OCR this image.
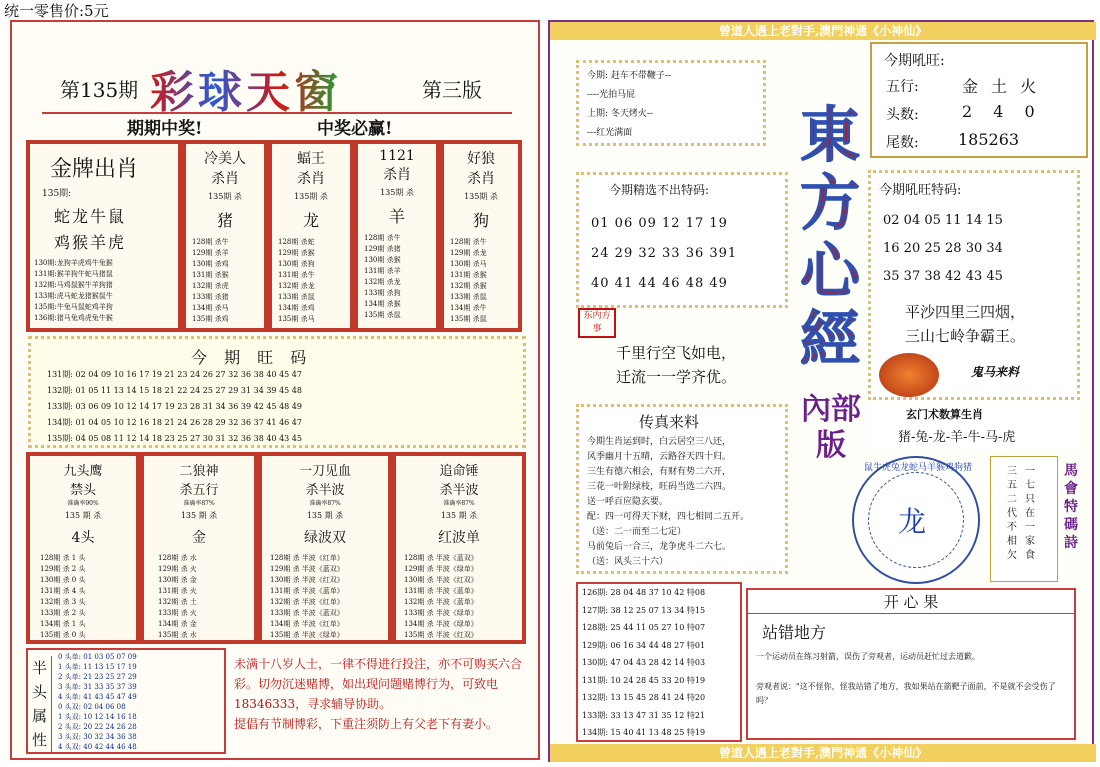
统一零售价:5元
第135期 彩球天窗	第三版
期期中奖!	中奖必赢!
金牌出肖
135期:
蛇龙牛鼠
鸡猴羊虎
130期:龙狗羊虎鸡牛兔猴
131期:猴羊狗牛蛇马猪鼠
132期:马鸡鼠猴牛羊狗猪
133期:虎马蛇龙猪猴鼠牛
135期:牛兔马鼠蛇鸡羊狗
136期:猪马兔鸡虎兔牛猴
冷美人
杀肖
135期 杀
猪
128期 杀牛
129期 杀羊
130期 杀鸡
131期 杀猴
132期 杀虎
133期 杀猪
134期 杀马
135期 杀鸡
蝠王
杀肖
135期 杀
龙
128期 杀蛇
129期 杀猴
130期 杀狗
131期 杀牛
132期 杀龙
133期 杀鼠
134期 杀鸡
135期 杀马
1121
杀肖
135期 杀
羊
128期 杀牛
129期 杀猪
130期 杀猴
131期 杀羊
132期 杀龙
133期 杀狗
134期 杀猴
135期 杀鼠
好狼
杀肖
135期 杀
狗
128期 杀牛
129期 杀龙
130期 杀马
131期 杀猴
132期 杀猴
133期 杀鼠
134期 杀牛
135期 杀鼠
今 期 旺 码
131期: 02 04 09 10 16 17 19 21 23 24 26 27 32 36 38 40 45 47
132期: 01 05 11 13 14 15 18 21 22 24 25 27 29 31 34 39 45 48
133期: 03 06 09 10 12 14 17 19 23 28 31 34 36 39 42 45 48 49
134期: 01 04 05 10 12 16 18 21 24 26 28 29 32 36 37 41 46 47
135期: 04 05 08 11 12 14 18 23 25 27 30 31 32 36 38 40 43 45
九头鹰
禁头
准确率90%
135 期 杀
4头
128期 杀 1 头
129期 杀 2 头
130期 杀 0 头
131期 杀 4 头
132期 杀 3 头
133期 杀 2 头
134期 杀 1 头
135期 杀 0 头
二狼神
杀五行
准确率87%
135 期 杀
金
128期 杀 水
129期 杀 火
130期 杀 金
131期 杀 火
132期 杀 土
133期 杀 火
134期 杀 金
135期 杀 水
一刀见血
杀半波
准确率87%
135 期 杀
绿波双
128期 杀 半波《红单》
129期 杀 半波《蓝双》
130期 杀 半波《红双》
131期 杀 半波《蓝单》
132期 杀 半波《红单》
133期 杀 半波《蓝双》
134期 杀 半波《红单》
135期 杀 半波《绿单》
追命锤
杀半波
准确率87%
135 期 杀
红波单
128期 杀 半波《蓝双》
129期 杀 半波《绿单》
130期 杀 半波《红双》
131期 杀 半波《蓝单》
132期 杀 半波《蓝单》
133期 杀 半波《绿单》
134期 杀 半波《绿单》
135期 杀 半波《红双》
半
头
属
性
0 头单: 01 03 05 07 09
1 头单: 11 13 15 17 19
2 头单: 21 23 25 27 29
3 头单: 31 33 35 37 39
4 头单: 41 43 45 47 49
0 头双: 02 04 06 08
1 头双: 10 12 14 16 18
2 头双: 20 22 24 26 28
3 头双: 30 32 34 36 38
4 头双: 40 42 44 46 48
未满十八岁人士，一律不得进行投注，亦不可购买六合彩。切勿沉迷赌博，如出现问题赌博行为，可致电18346333，寻求辅导协助。
提倡有节制博彩，下重注须防上有父老下有妻小。
曾道人遇上老對手,澳門神通《小神仙》
曾道人遇上老對手,澳門神通《小神仙》
今期: 赶车不带鞭子--
----光拍马屁
上期: 冬天烤火--
---红光满面
今期吼旺:
五行:	金 土 火
头数:	2 4 0
尾数: 185263
東方心經
內部版
今期精选不出特码:
01 06 09 12 17 19
24 29 32 33 36 391
40 41 44 46 48 49
今期吼旺特码:
02 04 05 11 14 15
16 20 25 28 30 34
35 37 38 42 43 45
平沙四里三四烟，
三山七岭争霸王。
鬼马来料
东内方事
千里行空飞如电，
迁流一一学齐优。
玄门术数算生肖
猪-兔-龙-羊-牛-马-虎
传真来料
今期生肖运到时，白云居空三八还，
风季幽月十五晴，云路谷天四十归。
三生有德六相会，有财有势二六开，
三花一叶附绿枝，旺码当选二六四。
送一呼百应隐玄要。
配：四一可得天下财，四七相同二五开。
（送：二一而至二七定）
马前兔后一合三，龙争虎斗二六七。
（送：风头三十六）
鼠牛虎兔龙蛇马羊猴鸡狗猪
龙
一七只在一家食
三五二代不相欠
馬會特碼詩
126期: 28 04 48 37 10 42 特08
127期: 38 12 25 07 13 34 特15
128期: 25 44 11 05 27 10 特07
129期: 06 16 34 44 48 27 特01
130期: 47 04 43 28 42 14 特03
131期: 10 24 28 45 33 20 特19
132期: 13 15 45 28 41 24 特20
133期: 33 13 47 31 35 12 特21
134期: 15 40 41 13 48 25 特19
开 心 果
站错地方
一个运动员在练习射箭，误伤了旁观者，运动员赶忙过去道歉。
旁观者说："这不怪你，怪我站错了地方，我如果站在箭靶子面前，不是就不会受伤了吗？
